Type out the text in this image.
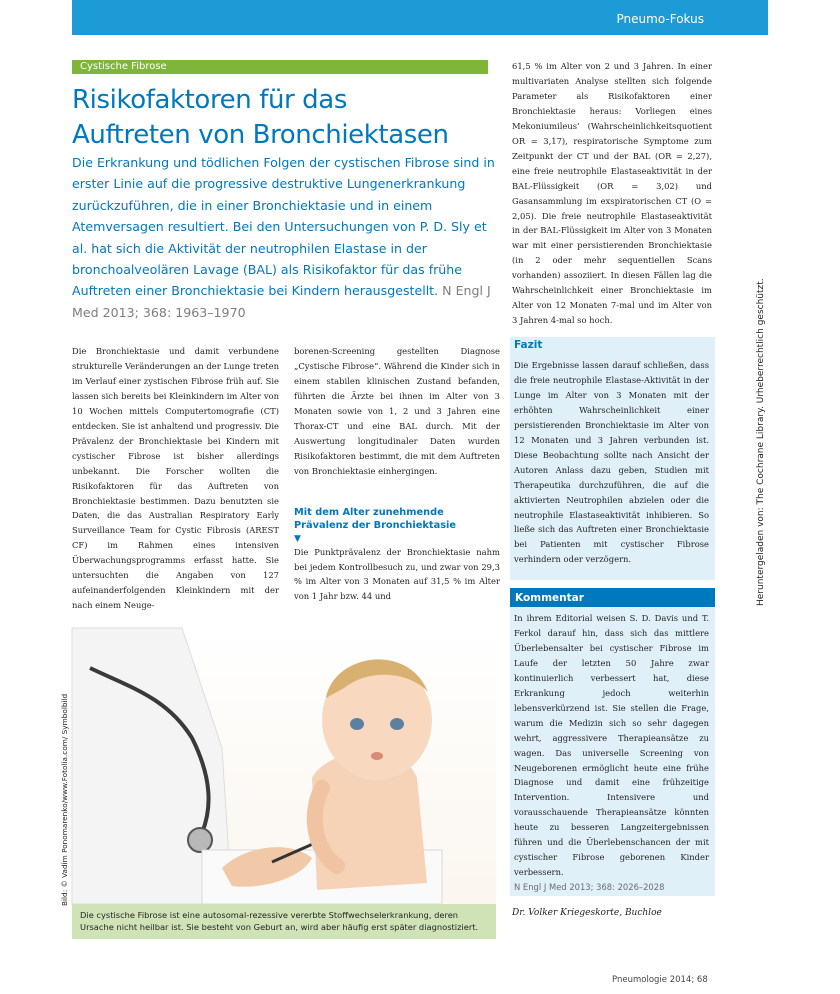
Pneumo-Fokus	9
Cystische Fibrose
Risikofaktoren für das
Auftreten von Bronchiektasen

Die Erkrankung und tödlichen Folgen der cystischen Fibrose sind in erster Linie auf die progressive destruktive Lungenerkrankung zurückzuführen, die in einer Bronchiektasie und in einem Atemversagen resultiert. Bei den Untersuchungen von P. D. Sly et al. hat sich die Aktivität der neutrophilen Elastase in der bronchoalveolären Lavage (BAL) als Risikofaktor für das frühe Auftreten einer Bronchiektasie bei Kindern herausgestellt. N Engl J Med 2013; 368: 1963–1970

Die Bronchiektasie und damit verbundene strukturelle Veränderungen an der Lunge treten im Verlauf einer zystischen Fibrose früh auf. Sie lassen sich bereits bei Kleinkindern im Alter von 10 Wochen mittels Computertomografie (CT) entdecken. Sie ist anhaltend und progressiv. Die Prävalenz der Bronchiektasie bei Kindern mit cystischer Fibrose ist bisher allerdings unbekannt. Die Forscher wollten die Risikofaktoren für das Auftreten von Bronchiektasie bestimmen. Dazu benutzten sie Daten, die das Australian Respiratory Early Surveillance Team for Cystic Fibrosis (AREST CF) im Rahmen eines intensiven Überwachungsprogramms erfasst hatte. Sie untersuchten die Angaben von 127 aufeinanderfolgenden Kleinkindern mit der nach einem Neuge-

borenen-Screening gestellten Diagnose „Cystische Fibrose“. Während die Kinder sich in einem stabilen klinischen Zustand befanden, führten die Ärzte bei ihnen im Alter von 3 Monaten sowie von 1, 2 und 3 Jahren eine Thorax-CT und eine BAL durch. Mit der Auswertung longitudinaler Daten wurden Risikofaktoren bestimmt, die mit dem Auftreten von Bronchiektasie einhergingen.

Mit dem Alter zunehmende Prävalenz der Bronchiektasie
▼

Die Punktprävalenz der Bronchiektasie nahm bei jedem Kontrollbesuch zu, und zwar von 29,3 % im Alter von 3 Monaten auf 31,5 % im Alter von 1 Jahr bzw. 44 und

61,5 % im Alter von 2 und 3 Jahren. In einer multivariaten Analyse stellten sich folgende Parameter als Risikofaktoren einer Bronchiektasie heraus: Vorliegen eines Mekoniumileus’ (Wahrscheinlichkeitsquotient OR = 3,17), respiratorische Symptome zum Zeitpunkt der CT und der BAL (OR = 2,27), eine freie neutrophile Elastaseaktivität in der BAL-Flüssigkeit (OR = 3,02) und Gasansammlung im exspiratorischen CT (O = 2,05). Die freie neutrophile Elastaseaktivität in der BAL-Flüssigkeit im Alter von 3 Monaten war mit einer persistierenden Bronchiektasie (in 2 oder mehr sequentiellen Scans vorhanden) assoziiert. In diesen Fällen lag die Wahrscheinlichkeit einer Bronchiektasie im Alter von 12 Monaten 7-mal und im Alter von 3 Jahren 4-mal so hoch.

Fazit
Die Ergebnisse lassen darauf schließen, dass die freie neutrophile Elastase-Aktivität in der Lunge im Alter von 3 Monaten mit der erhöhten Wahrscheinlichkeit einer persistierenden Bronchiektasie im Alter von 12 Monaten und 3 Jahren verbunden ist. Diese Beobachtung sollte nach Ansicht der Autoren Anlass dazu geben, Studien mit Therapeutika durchzuführen, die auf die aktivierten Neutrophilen abzielen oder die neutrophile Elastaseaktivität inhibieren. So ließe sich das Auftreten einer Bronchiektasie bei Patienten mit cystischer Fibrose verhindern oder verzögern.
Kommentar
In ihrem Editorial weisen S. D. Davis und T. Ferkol darauf hin, dass sich das mittlere Überlebensalter bei cystischer Fibrose im Laufe der letzten 50 Jahre zwar kontinuierlich verbessert hat, diese Erkrankung jedoch weiterhin lebensverkürzend ist. Sie stellen die Frage, warum die Medizin sich so sehr dagegen wehrt, aggressivere Therapieansätze zu wagen. Das universelle Screening von Neugeborenen ermöglicht heute eine frühe Diagnose und damit eine frühzeitige Intervention. Intensivere und vorausschauende Therapieansätze könnten heute zu besseren Langzeitergebnissen führen und die Überlebenschancen der mit cystischer Fibrose geborenen Kinder verbessern.
N Engl J Med 2013; 368: 2026–2028
Dr. Volker Kriegeskorte, Buchloe
Bild: © Vadim Ponomarenko/www.Fotolia.com/ Symbolbild
Die cystische Fibrose ist eine autosomal-rezessive vererbte Stoffwechselerkrankung, deren Ursache nicht heilbar ist. Sie besteht von Geburt an, wird aber häufig erst später diagnostiziert.
Heruntergeladen von: The Cochrane Library. Urheberrechtlich geschützt.
Pneumologie 2014; 68
